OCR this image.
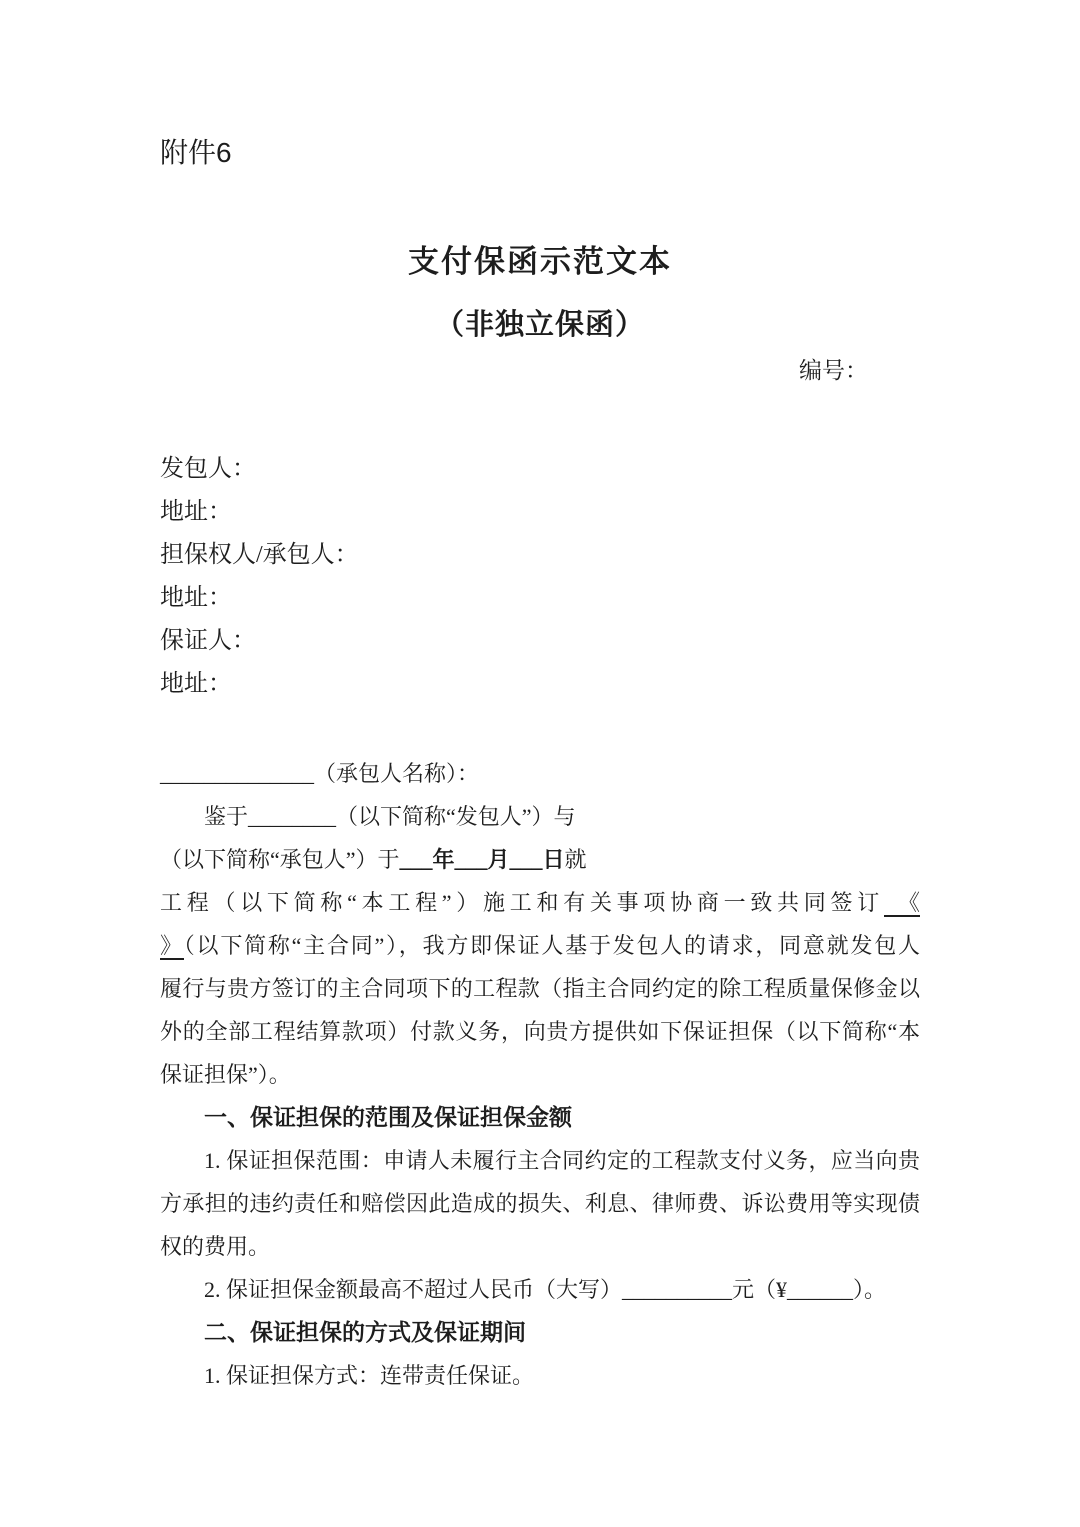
附件6
支付保函示范文本
（非独立保函）
编号：
发包人：
地址：
担保权人/承包人：
地址：
保证人：
地址：
______________（承包人名称）：
鉴于________（以下简称“发包人”）与
（以下简称“承包人”）于___年___月___日就
工程（以下简称“本工程”）施工和有关事项协商一致共同签订 《
》（以下简称“主合同”），我方即保证人基于发包人的请求，同意就发包人
履行与贵方签订的主合同项下的工程款（指主合同约定的除工程质量保修金以
外的全部工程结算款项）付款义务，向贵方提供如下保证担保（以下简称“本
保证担保”）。
一、保证担保的范围及保证担保金额
1. 保证担保范围：申请人未履行主合同约定的工程款支付义务，应当向贵
方承担的违约责任和赔偿因此造成的损失、利息、律师费、诉讼费用等实现债
权的费用。
2. 保证担保金额最高不超过人民币（大写）__________元（¥______）。
二、保证担保的方式及保证期间
1. 保证担保方式：连带责任保证。
